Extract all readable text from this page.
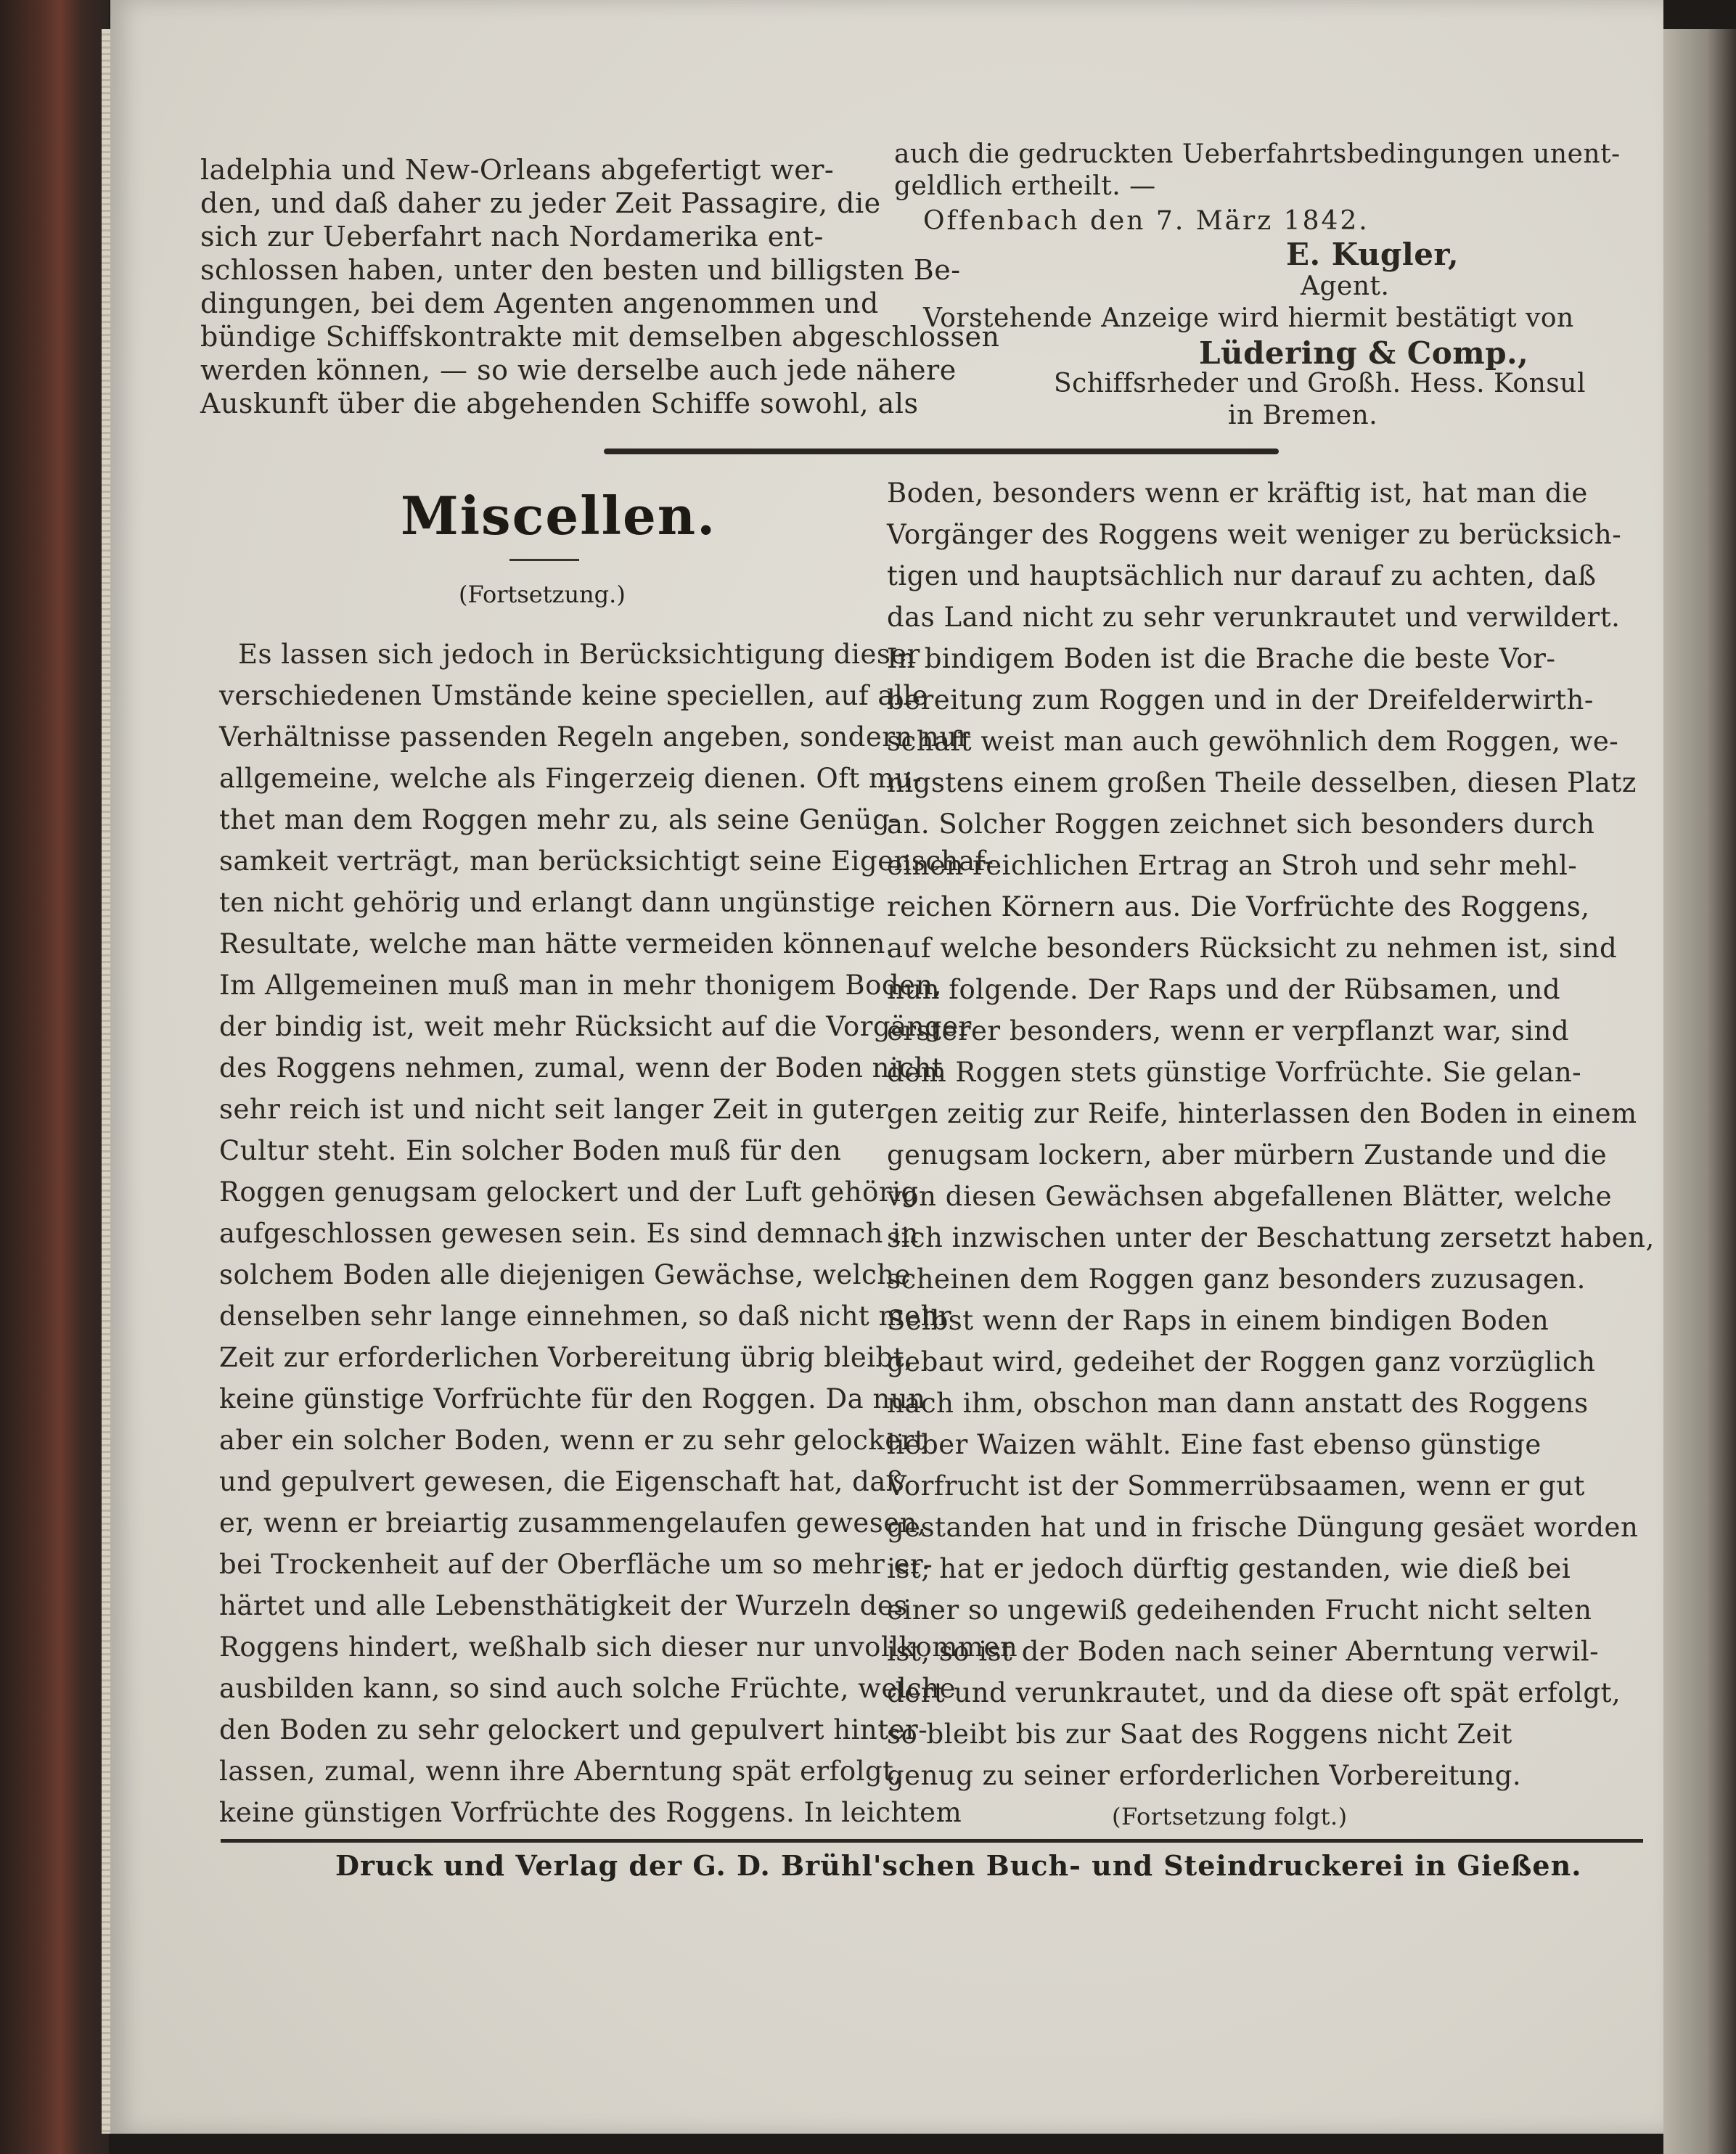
ladelphia und New-Orleans abgefertigt wer-
den, und daß daher zu jeder Zeit Passagire, die
sich zur Ueberfahrt nach Nordamerika ent-
schlossen haben, unter den besten und billigsten Be-
dingungen, bei dem Agenten angenommen und
bündige Schiffskontrakte mit demselben abgeschlossen
werden können, — so wie derselbe auch jede nähere
Auskunft über die abgehenden Schiffe sowohl, als
auch die gedruckten Ueberfahrtsbedingungen unent-
geldlich ertheilt. —
Offenbach den 7. März 1842.
E. Kugler,
Agent.
Vorstehende Anzeige wird hiermit bestätigt von
Lüdering & Comp.,
Schiffsrheder und Großh. Hess. Konsul
in Bremen.
Miscellen.
(Fortsetzung.)
Es lassen sich jedoch in Berücksichtigung dieser
verschiedenen Umstände keine speciellen, auf alle
Verhältnisse passenden Regeln angeben, sondern nur
allgemeine, welche als Fingerzeig dienen. Oft mu-
thet man dem Roggen mehr zu, als seine Genüg-
samkeit verträgt, man berücksichtigt seine Eigenschaf-
ten nicht gehörig und erlangt dann ungünstige
Resultate, welche man hätte vermeiden können.
Im Allgemeinen muß man in mehr thonigem Boden,
der bindig ist, weit mehr Rücksicht auf die Vorgänger
des Roggens nehmen, zumal, wenn der Boden nicht
sehr reich ist und nicht seit langer Zeit in guter
Cultur steht. Ein solcher Boden muß für den
Roggen genugsam gelockert und der Luft gehörig
aufgeschlossen gewesen sein. Es sind demnach in
solchem Boden alle diejenigen Gewächse, welche
denselben sehr lange einnehmen, so daß nicht mehr
Zeit zur erforderlichen Vorbereitung übrig bleibt,
keine günstige Vorfrüchte für den Roggen. Da nun
aber ein solcher Boden, wenn er zu sehr gelockert
und gepulvert gewesen, die Eigenschaft hat, daß
er, wenn er breiartig zusammengelaufen gewesen,
bei Trockenheit auf der Oberfläche um so mehr er-
härtet und alle Lebensthätigkeit der Wurzeln des
Roggens hindert, weßhalb sich dieser nur unvollkommen
ausbilden kann, so sind auch solche Früchte, welche
den Boden zu sehr gelockert und gepulvert hinter-
lassen, zumal, wenn ihre Aberntung spät erfolgt,
keine günstigen Vorfrüchte des Roggens. In leichtem
Boden, besonders wenn er kräftig ist, hat man die
Vorgänger des Roggens weit weniger zu berücksich-
tigen und hauptsächlich nur darauf zu achten, daß
das Land nicht zu sehr verunkrautet und verwildert.
In bindigem Boden ist die Brache die beste Vor-
bereitung zum Roggen und in der Dreifelderwirth-
schaft weist man auch gewöhnlich dem Roggen, we-
nigstens einem großen Theile desselben, diesen Platz
an. Solcher Roggen zeichnet sich besonders durch
einen reichlichen Ertrag an Stroh und sehr mehl-
reichen Körnern aus. Die Vorfrüchte des Roggens,
auf welche besonders Rücksicht zu nehmen ist, sind
nun folgende. Der Raps und der Rübsamen, und
ersterer besonders, wenn er verpflanzt war, sind
dem Roggen stets günstige Vorfrüchte. Sie gelan-
gen zeitig zur Reife, hinterlassen den Boden in einem
genugsam lockern, aber mürbern Zustande und die
von diesen Gewächsen abgefallenen Blätter, welche
sich inzwischen unter der Beschattung zersetzt haben,
scheinen dem Roggen ganz besonders zuzusagen.
Selbst wenn der Raps in einem bindigen Boden
gebaut wird, gedeihet der Roggen ganz vorzüglich
nach ihm, obschon man dann anstatt des Roggens
lieber Waizen wählt. Eine fast ebenso günstige
Vorfrucht ist der Sommerrübsaamen, wenn er gut
gestanden hat und in frische Düngung gesäet worden
ist; hat er jedoch dürftig gestanden, wie dieß bei
einer so ungewiß gedeihenden Frucht nicht selten
ist, so ist der Boden nach seiner Aberntung verwil-
dert und verunkrautet, und da diese oft spät erfolgt,
so bleibt bis zur Saat des Roggens nicht Zeit
genug zu seiner erforderlichen Vorbereitung.
(Fortsetzung folgt.)
Druck und Verlag der G. D. Brühl'schen Buch- und Steindruckerei in Gießen.
